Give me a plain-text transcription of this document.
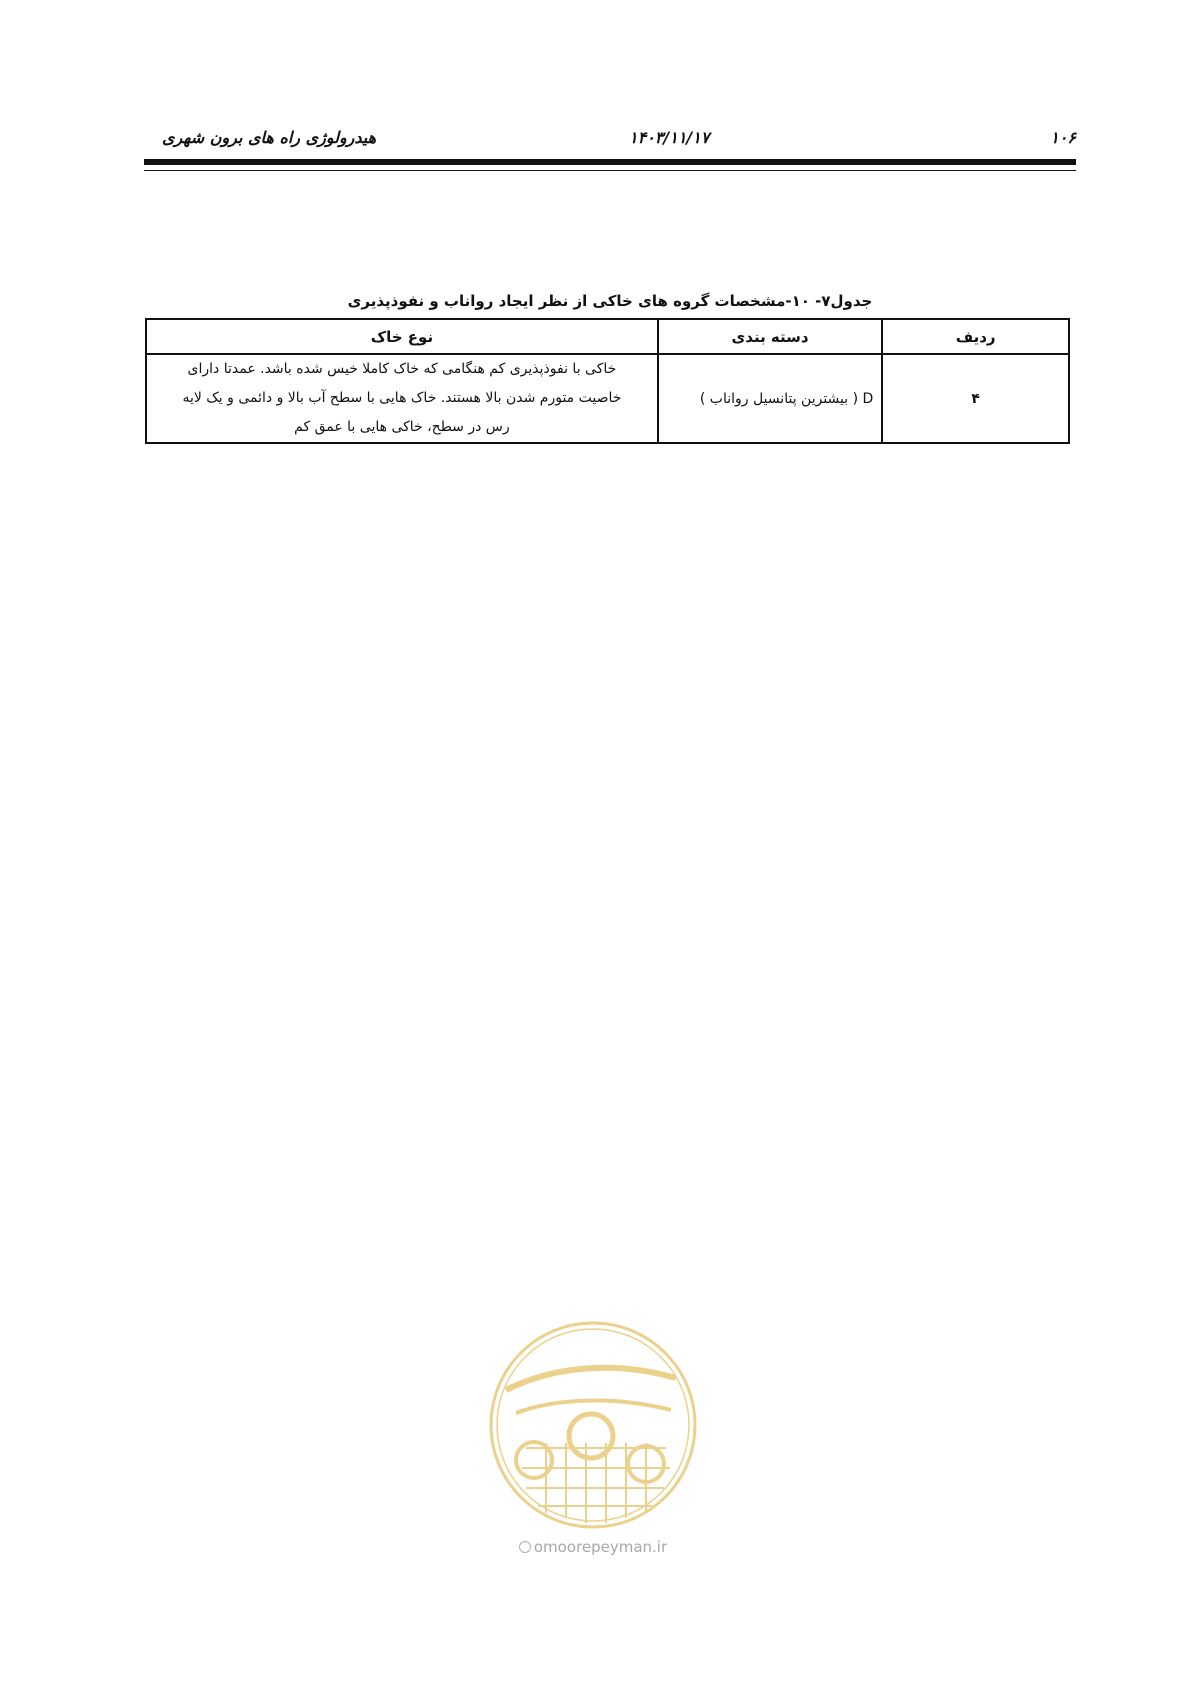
هیدرولوژی راه های برون شهری	۱۴۰۳/۱۱/۱۷	۱۰۶
جدول۷- ۱۰-مشخصات گروه های خاکی از نظر ایجاد رواناب و نفوذپذیری
ردیف	دسته بندی	نوع خاک
۴	D ( بیشترین پتانسیل رواناب )	خاکی با نفوذپذیری کم هنگامی که خاک کاملا خیس شده باشد. عمدتا دارای
خاصیت متورم شدن بالا هستند. خاک هایی با سطح آب بالا و دائمی و یک لایه
رس در سطح، خاکی هایی با عمق کم
omoorepeyman.ir
